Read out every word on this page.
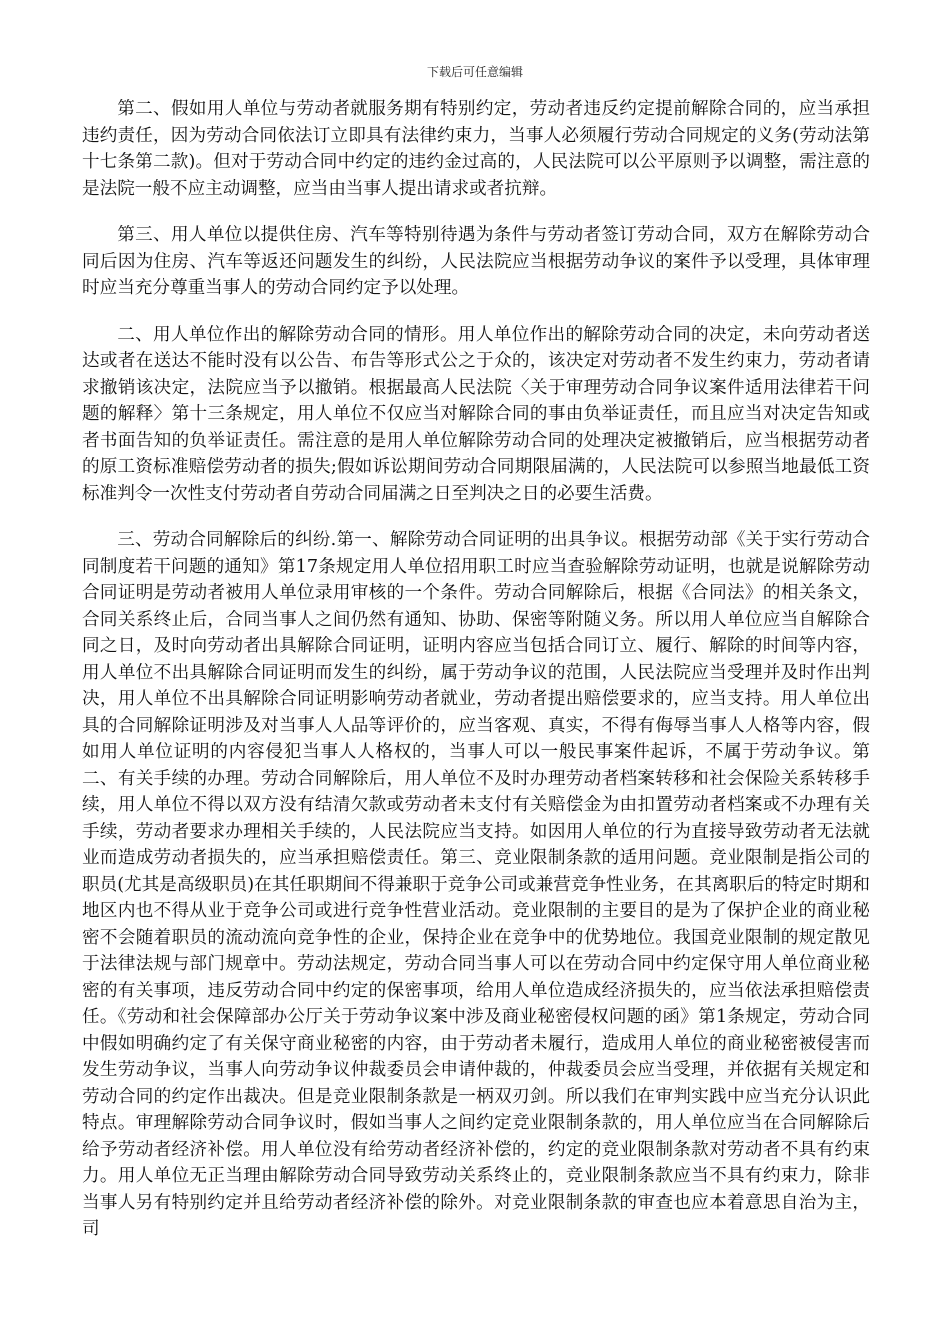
下载后可任意编辑

第二、假如用人单位与劳动者就服务期有特别约定，劳动者违反约定提前解除合同的，应当承担违约责任，因为劳动合同依法订立即具有法律约束力，当事人必须履行劳动合同规定的义务(劳动法第十七条第二款)。但对于劳动合同中约定的违约金过高的，人民法院可以公平原则予以调整，需注意的是法院一般不应主动调整，应当由当事人提出请求或者抗辩。

第三、用人单位以提供住房、汽车等特别待遇为条件与劳动者签订劳动合同，双方在解除劳动合同后因为住房、汽车等返还问题发生的纠纷，人民法院应当根据劳动争议的案件予以受理，具体审理时应当充分尊重当事人的劳动合同约定予以处理。

二、用人单位作出的解除劳动合同的情形。用人单位作出的解除劳动合同的决定，未向劳动者送达或者在送达不能时没有以公告、布告等形式公之于众的，该决定对劳动者不发生约束力，劳动者请求撤销该决定，法院应当予以撤销。根据最高人民法院〈关于审理劳动合同争议案件适用法律若干问题的解释〉第十三条规定，用人单位不仅应当对解除合同的事由负举证责任，而且应当对决定告知或者书面告知的负举证责任。需注意的是用人单位解除劳动合同的处理决定被撤销后，应当根据劳动者的原工资标准赔偿劳动者的损失;假如诉讼期间劳动合同期限届满的，人民法院可以参照当地最低工资标准判令一次性支付劳动者自劳动合同届满之日至判决之日的必要生活费。

三、劳动合同解除后的纠纷.第一、解除劳动合同证明的出具争议。根据劳动部《关于实行劳动合同制度若干问题的通知》第17条规定用人单位招用职工时应当查验解除劳动证明，也就是说解除劳动合同证明是劳动者被用人单位录用审核的一个条件。劳动合同解除后，根据《合同法》的相关条文，合同关系终止后，合同当事人之间仍然有通知、协助、保密等附随义务。所以用人单位应当自解除合同之日，及时向劳动者出具解除合同证明，证明内容应当包括合同订立、履行、解除的时间等内容，用人单位不出具解除合同证明而发生的纠纷，属于劳动争议的范围，人民法院应当受理并及时作出判决，用人单位不出具解除合同证明影响劳动者就业，劳动者提出赔偿要求的，应当支持。用人单位出具的合同解除证明涉及对当事人人品等评价的，应当客观、真实，不得有侮辱当事人人格等内容，假如用人单位证明的内容侵犯当事人人格权的，当事人可以一般民事案件起诉，不属于劳动争议。第二、有关手续的办理。劳动合同解除后，用人单位不及时办理劳动者档案转移和社会保险关系转移手续，用人单位不得以双方没有结清欠款或劳动者未支付有关赔偿金为由扣置劳动者档案或不办理有关手续，劳动者要求办理相关手续的，人民法院应当支持。如因用人单位的行为直接导致劳动者无法就业而造成劳动者损失的，应当承担赔偿责任。第三、竞业限制条款的适用问题。竞业限制是指公司的职员(尤其是高级职员)在其任职期间不得兼职于竞争公司或兼营竞争性业务，在其离职后的特定时期和地区内也不得从业于竞争公司或进行竞争性营业活动。竞业限制的主要目的是为了保护企业的商业秘密不会随着职员的流动流向竞争性的企业，保持企业在竞争中的优势地位。我国竞业限制的规定散见于法律法规与部门规章中。劳动法规定，劳动合同当事人可以在劳动合同中约定保守用人单位商业秘密的有关事项，违反劳动合同中约定的保密事项，给用人单位造成经济损失的，应当依法承担赔偿责任。《劳动和社会保障部办公厅关于劳动争议案中涉及商业秘密侵权问题的函》第1条规定，劳动合同中假如明确约定了有关保守商业秘密的内容，由于劳动者未履行，造成用人单位的商业秘密被侵害而发生劳动争议，当事人向劳动争议仲裁委员会申请仲裁的，仲裁委员会应当受理，并依据有关规定和劳动合同的约定作出裁决。但是竞业限制条款是一柄双刃剑。所以我们在审判实践中应当充分认识此特点。审理解除劳动合同争议时，假如当事人之间约定竞业限制条款的，用人单位应当在合同解除后给予劳动者经济补偿。用人单位没有给劳动者经济补偿的，约定的竞业限制条款对劳动者不具有约束力。用人单位无正当理由解除劳动合同导致劳动关系终止的，竞业限制条款应当不具有约束力，除非当事人另有特别约定并且给劳动者经济补偿的除外。对竞业限制条款的审查也应本着意思自治为主，司
